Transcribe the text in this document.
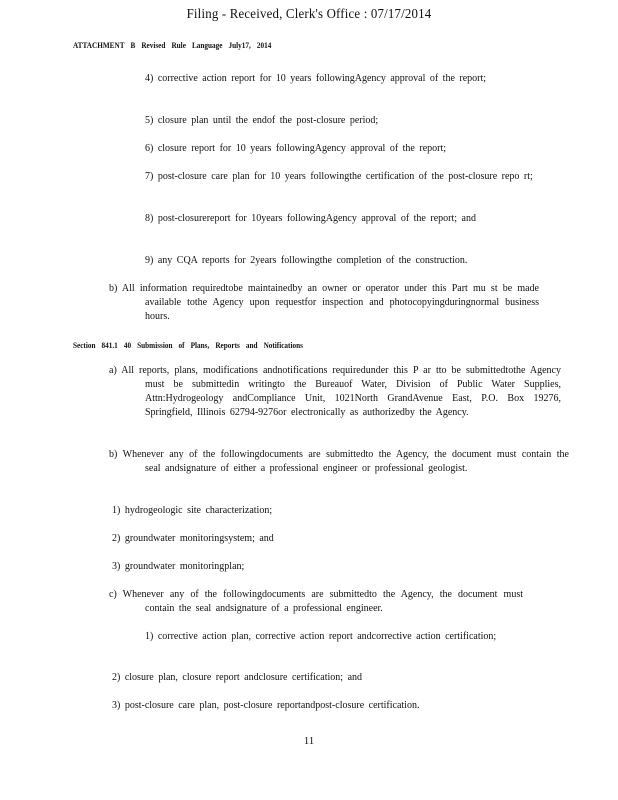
Filing - Received, Clerk's Office : 07/17/2014
ATTACHMENT B Revised Rule Language July17, 2014
4) corrective action report for 10 years followingAgency approval of the report;
5) closure plan until the endof the post-closure period;
6) closure report for 10 years followingAgency approval of the report;
7) post-closure care plan for 10 years followingthe certification of the post-closure repo rt;
8) post-closurereport for 10years followingAgency approval of the report; and
9) any CQA reports for 2years followingthe completion of the construction.
b) All information requiredtobe maintainedby an owner or operator under this Part mu st be made available tothe Agency upon requestfor inspection and photocopyingduringnormal business hours.
Section 841.1 40 Submission of Plans, Reports and Notifications
a) All reports, plans, modifications andnotifications requiredunder this P ar tto be submittedtothe Agency must be submittedin writingto the Bureauof Water, Division of Public Water Supplies, Attn:Hydrogeology andCompliance Unit, 1021North GrandAvenue East, P.O. Box 19276, Springfield, Illinois 62794-9276or electronically as authorizedby the Agency.
b) Whenever any of the followingdocuments are submittedto the Agency, the document must contain the seal andsignature of either a professional engineer or professional geologist.
1) hydrogeologic site characterization;
2) groundwater monitoringsystem; and
3) groundwater monitoringplan;
c) Whenever any of the followingdocuments are submittedto the Agency, the document must contain the seal andsignature of a professional engineer.
1) corrective action plan, corrective action report andcorrective action certification;
2) closure plan, closure report andclosure certification; and
3) post-closure care plan, post-closure reportandpost-closure certification.
11
